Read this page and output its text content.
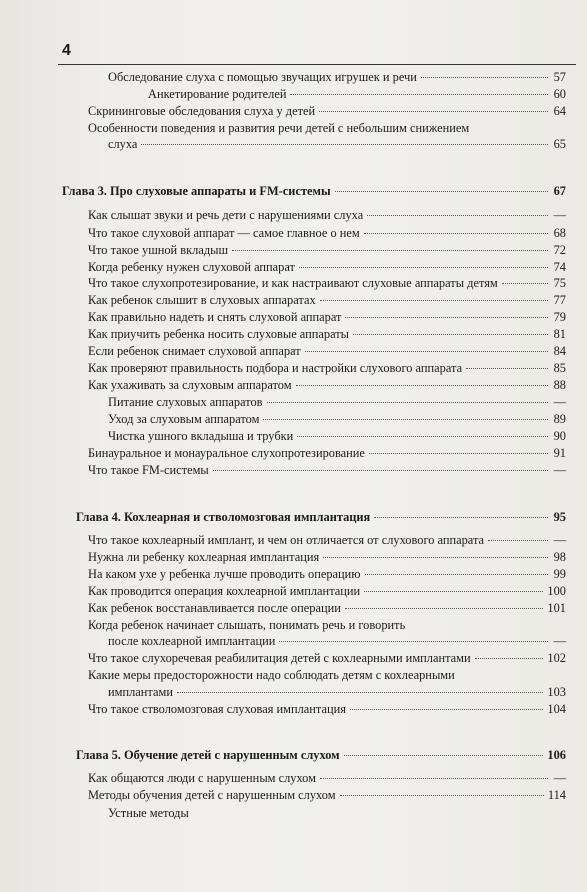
4
Обследование слуха с помощью звучащих игрушек и речи	57
Анкетирование родителей	60
Скрининговые обследования слуха у детей	64
Особенности поведения и развития речи детей с небольшим снижением
слуха	65
Глава 3. Про слуховые аппараты и FM-системы	67
Как слышат звуки и речь дети с нарушениями слуха	—
Что такое слуховой аппарат — самое главное о нем	68
Что такое ушной вкладыш	72
Когда ребенку нужен слуховой аппарат	74
Что такое слухопротезирование, и как настраивают слуховые аппараты детям	75
Как ребенок слышит в слуховых аппаратах	77
Как правильно надеть и снять слуховой аппарат	79
Как приучить ребенка носить слуховые аппараты	81
Если ребенок снимает слуховой аппарат	84
Как проверяют правильность подбора и настройки слухового аппарата	85
Как ухаживать за слуховым аппаратом	88
Питание слуховых аппаратов	—
Уход за слуховым аппаратом	89
Чистка ушного вкладыша и трубки	90
Бинауральное и монауральное слухопротезирование	91
Что такое FM-системы	—
Глава 4. Кохлеарная и стволомозговая имплантация	95
Что такое кохлеарный имплант, и чем он отличается от слухового аппарата	—
Нужна ли ребенку кохлеарная имплантация	98
На каком ухе у ребенка лучше проводить операцию	99
Как проводится операция кохлеарной имплантации	100
Как ребенок восстанавливается после операции	101
Когда ребенок начинает слышать, понимать речь и говорить
после кохлеарной имплантации	—
Что такое слухоречевая реабилитация детей с кохлеарными имплантами	102
Какие меры предосторожности надо соблюдать детям с кохлеарными
имплантами	103
Что такое стволомозговая слуховая имплантация	104
Глава 5. Обучение детей с нарушенным слухом	106
Как общаются люди с нарушенным слухом	—
Методы обучения детей с нарушенным слухом	114
Устные методы
